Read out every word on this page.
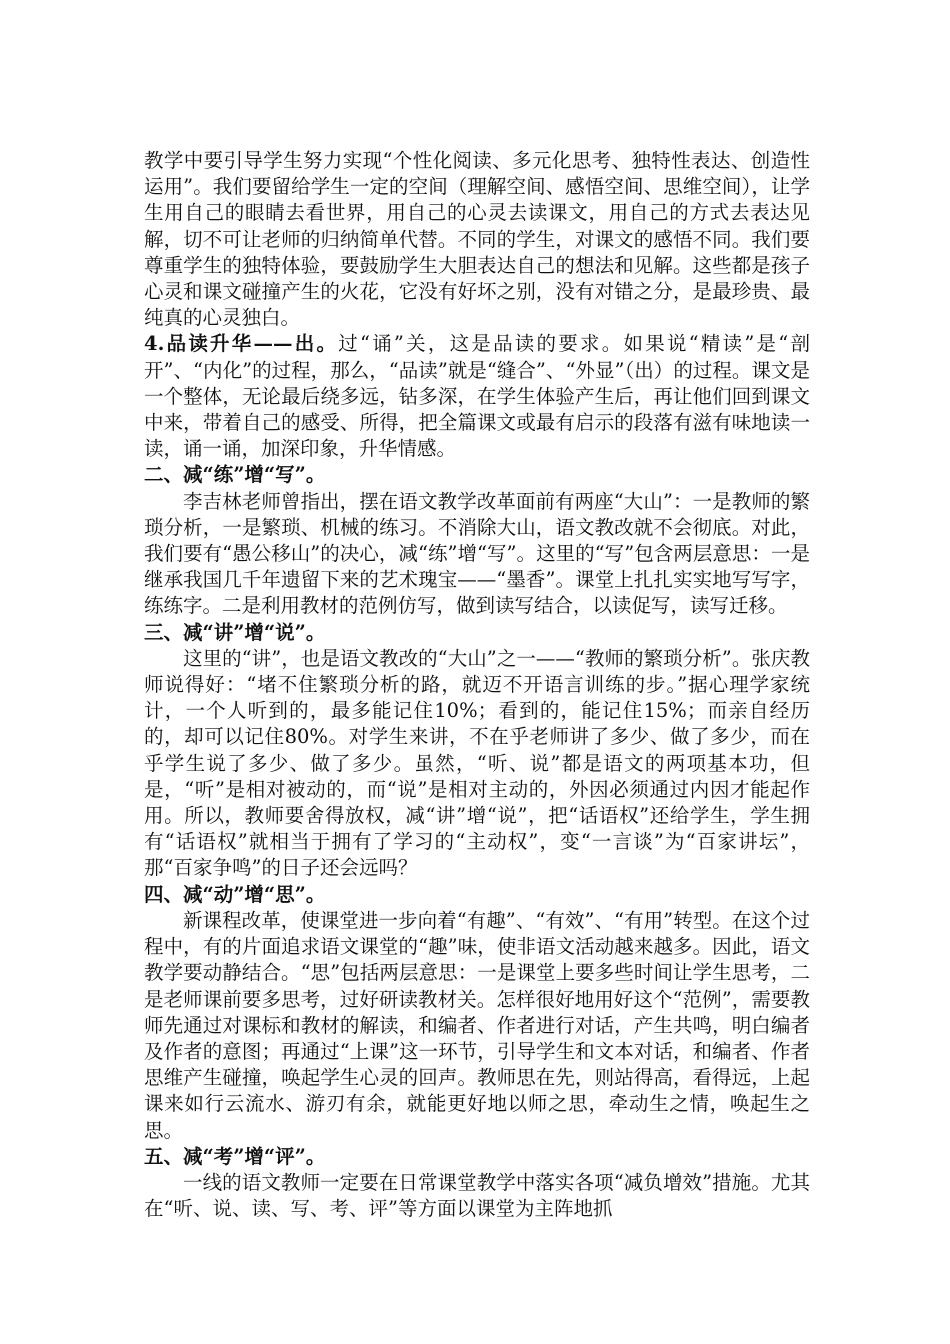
教学中要引导学生努力实现“个性化阅读、多元化思考、独特性表达、创造性运用”。我们要留给学生一定的空间（理解空间、感悟空间、思维空间），让学生用自己的眼睛去看世界，用自己的心灵去读课文，用自己的方式去表达见解，切不可让老师的归纳简单代替。不同的学生，对课文的感悟不同。我们要尊重学生的独特体验，要鼓励学生大胆表达自己的想法和见解。这些都是孩子心灵和课文碰撞产生的火花，它没有好坏之别，没有对错之分，是最珍贵、最纯真的心灵独白。

4.品读升华——出。过“诵”关，这是品读的要求。如果说“精读”是“剖开”、“内化”的过程，那么，“品读”就是“缝合”、“外显”（出）的过程。课文是一个整体，无论最后绕多远，钻多深，在学生体验产生后，再让他们回到课文中来，带着自己的感受、所得，把全篇课文或最有启示的段落有滋有味地读一读，诵一诵，加深印象，升华情感。

二、减“练”增“写”。

李吉林老师曾指出，摆在语文教学改革面前有两座“大山”：一是教师的繁琐分析，一是繁琐、机械的练习。不消除大山，语文教改就不会彻底。对此，我们要有“愚公移山”的决心，减“练”增“写”。这里的“写”包含两层意思：一是继承我国几千年遗留下来的艺术瑰宝——“墨香”。课堂上扎扎实实地写写字，练练字。二是利用教材的范例仿写，做到读写结合，以读促写，读写迁移。

三、减“讲”增“说”。

这里的“讲”，也是语文教改的“大山”之一——“教师的繁琐分析”。张庆教师说得好：“堵不住繁琐分析的路，就迈不开语言训练的步。”据心理学家统计，一个人听到的，最多能记住10%；看到的，能记住15%；而亲自经历的，却可以记住80%。对学生来讲，不在乎老师讲了多少、做了多少，而在乎学生说了多少、做了多少。虽然，“听、说”都是语文的两项基本功，但是，“听”是相对被动的，而“说”是相对主动的，外因必须通过内因才能起作用。所以，教师要舍得放权，减“讲”增“说”，把“话语权”还给学生，学生拥有“话语权”就相当于拥有了学习的“主动权”，变“一言谈”为“百家讲坛”，那“百家争鸣”的日子还会远吗？

四、减“动”增“思”。

新课程改革，使课堂进一步向着“有趣”、“有效”、“有用”转型。在这个过程中，有的片面追求语文课堂的“趣”味，使非语文活动越来越多。因此，语文教学要动静结合。“思”包括两层意思：一是课堂上要多些时间让学生思考，二是老师课前要多思考，过好研读教材关。怎样很好地用好这个“范例”，需要教师先通过对课标和教材的解读，和编者、作者进行对话，产生共鸣，明白编者及作者的意图；再通过“上课”这一环节，引导学生和文本对话，和编者、作者思维产生碰撞，唤起学生心灵的回声。教师思在先，则站得高，看得远，上起课来如行云流水、游刃有余，就能更好地以师之思，牵动生之情，唤起生之思。

五、减“考”增“评”。

一线的语文教师一定要在日常课堂教学中落实各项“减负增效”措施。尤其在“听、说、读、写、考、评”等方面以课堂为主阵地抓
